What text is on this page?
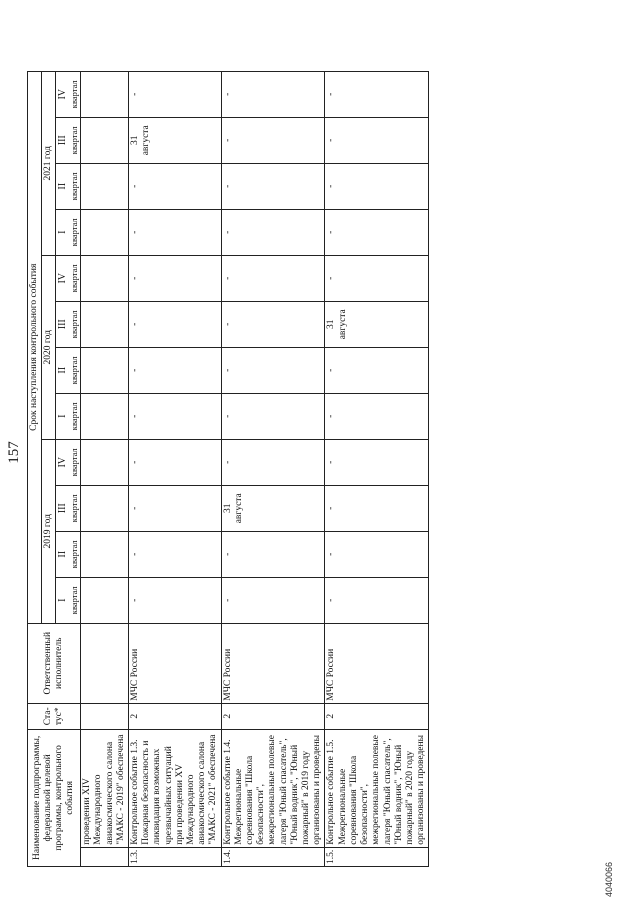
157
4040066
Наименование подпрограммы, федеральной целевой программы, контрольного события		Ста-тус*	Ответственный исполнитель	Срок наступления контрольного события											
				2019 год				2020 год				2021 год			

				I квартал	II квартал	III квартал	IV квартал	I квартал	II квартал	III квартал	IV квартал	I квартал	II квартал	III квартал	IV квартал

	проведении XIV Международного авиакосмического салона "МАКС - 2019" обеспечена														
1.3.	Контрольное событие 1.3. Пожарная безопасность и ликвидация возможных чрезвычайных ситуаций при проведении XV Международного авиакосмического салона "МАКС - 2021" обеспечена	2	МЧС России	-	-	-	-	-	-	-	-	-	-	31 августа	-
1.4.	Контрольное событие 1.4. Межрегиональные соревнования "Школа безопасности", межрегиональные полевые лагеря "Юный спасатель", "Юный водник", "Юный пожарный" в 2019 году организованы и проведены	2	МЧС России	-	-	31 августа	-	-	-	-	-	-	-	-	-
1.5.	Контрольное событие 1.5. Межрегиональные соревнования "Школа безопасности", межрегиональные полевые лагеря "Юный спасатель", "Юный водник", "Юный пожарный" в 2020 году организованы и проведены	2	МЧС России	-	-	-	-	-	-	31 августа	-	-	-	-	-
